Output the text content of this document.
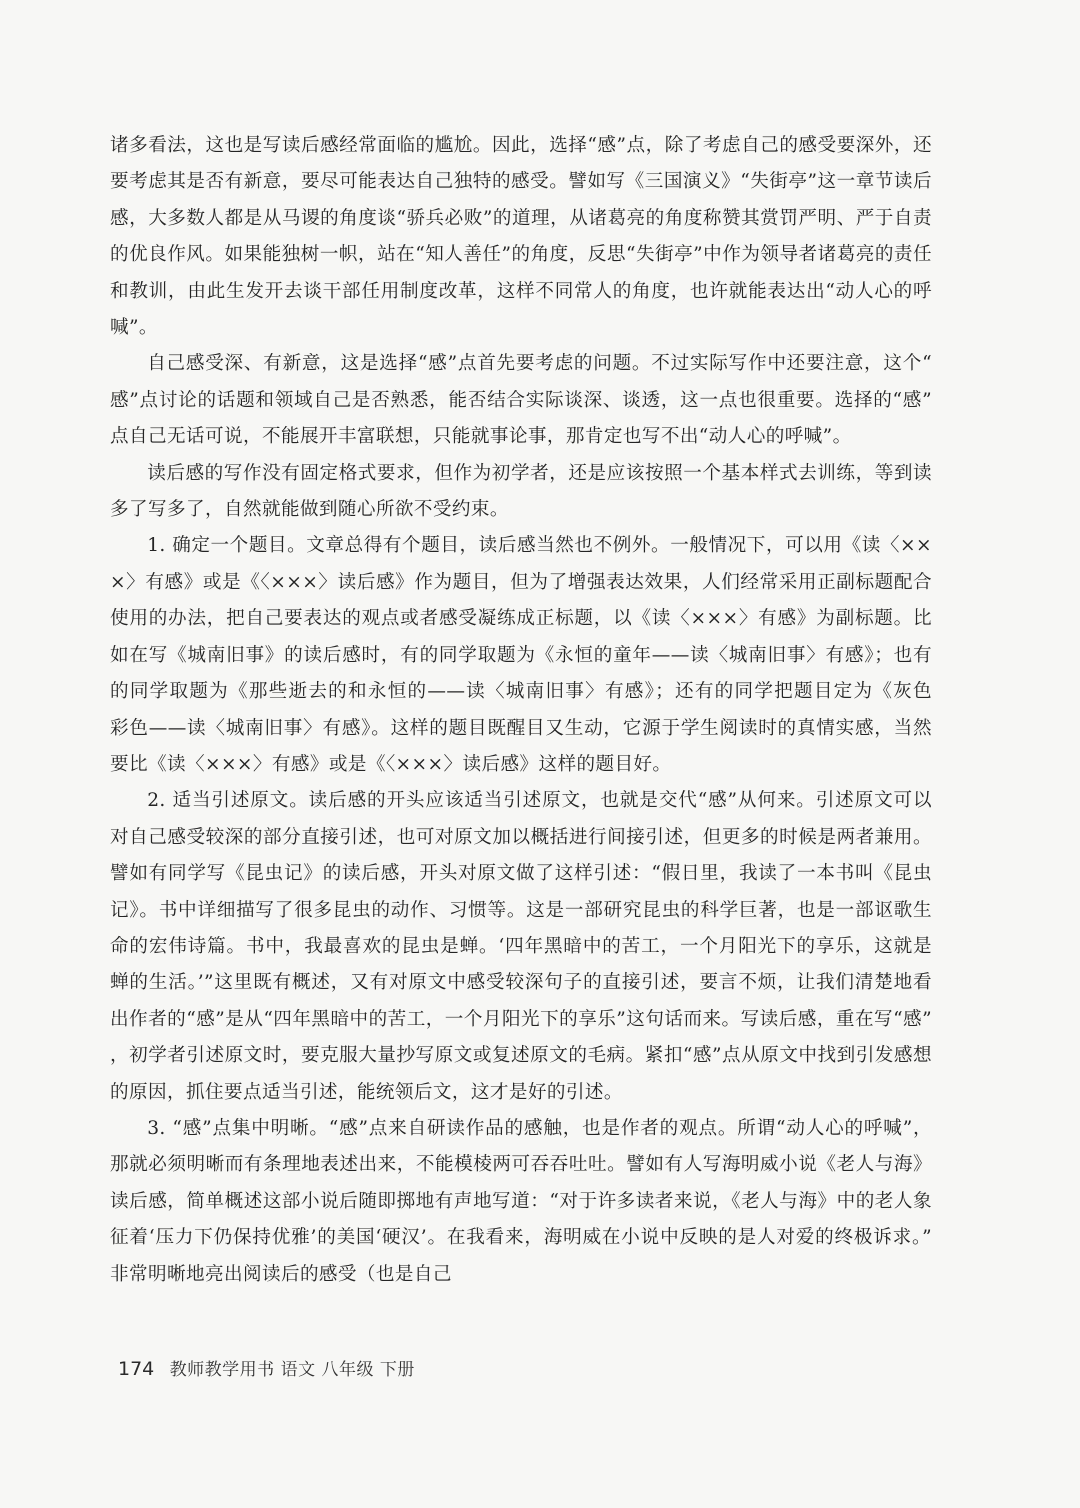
诸多看法，这也是写读后感经常面临的尴尬。因此，选择“感”点，除了考虑自己的感受要深外，还要考虑其是否有新意，要尽可能表达自己独特的感受。譬如写《三国演义》“失街亭”这一章节读后感，大多数人都是从马谡的角度谈“骄兵必败”的道理，从诸葛亮的角度称赞其赏罚严明、严于自责的优良作风。如果能独树一帜，站在“知人善任”的角度，反思“失街亭”中作为领导者诸葛亮的责任和教训，由此生发开去谈干部任用制度改革，这样不同常人的角度，也许就能表达出“动人心的呼喊”。

自己感受深、有新意，这是选择“感”点首先要考虑的问题。不过实际写作中还要注意，这个“感”点讨论的话题和领域自己是否熟悉，能否结合实际谈深、谈透，这一点也很重要。选择的“感”点自己无话可说，不能展开丰富联想，只能就事论事，那肯定也写不出“动人心的呼喊”。

读后感的写作没有固定格式要求，但作为初学者，还是应该按照一个基本样式去训练，等到读多了写多了，自然就能做到随心所欲不受约束。

1. 确定一个题目。文章总得有个题目，读后感当然也不例外。一般情况下，可以用《读〈×××〉有感》或是《〈×××〉读后感》作为题目，但为了增强表达效果，人们经常采用正副标题配合使用的办法，把自己要表达的观点或者感受凝练成正标题，以《读〈×××〉有感》为副标题。比如在写《城南旧事》的读后感时，有的同学取题为《永恒的童年——读〈城南旧事〉有感》；也有的同学取题为《那些逝去的和永恒的——读〈城南旧事〉有感》；还有的同学把题目定为《灰色　彩色——读〈城南旧事〉有感》。这样的题目既醒目又生动，它源于学生阅读时的真情实感，当然要比《读〈×××〉有感》或是《〈×××〉读后感》这样的题目好。

2. 适当引述原文。读后感的开头应该适当引述原文，也就是交代“感”从何来。引述原文可以对自己感受较深的部分直接引述，也可对原文加以概括进行间接引述，但更多的时候是两者兼用。譬如有同学写《昆虫记》的读后感，开头对原文做了这样引述：“假日里，我读了一本书叫《昆虫记》。书中详细描写了很多昆虫的动作、习惯等。这是一部研究昆虫的科学巨著，也是一部讴歌生命的宏伟诗篇。书中，我最喜欢的昆虫是蝉。‘四年黑暗中的苦工，一个月阳光下的享乐，这就是蝉的生活。’”这里既有概述，又有对原文中感受较深句子的直接引述，要言不烦，让我们清楚地看出作者的“感”是从“四年黑暗中的苦工，一个月阳光下的享乐”这句话而来。写读后感，重在写“感”，初学者引述原文时，要克服大量抄写原文或复述原文的毛病。紧扣“感”点从原文中找到引发感想的原因，抓住要点适当引述，能统领后文，这才是好的引述。

3. “感”点集中明晰。“感”点来自研读作品的感触，也是作者的观点。所谓“动人心的呼喊”，那就必须明晰而有条理地表述出来，不能模棱两可吞吞吐吐。譬如有人写海明威小说《老人与海》读后感，简单概述这部小说后随即掷地有声地写道：“对于许多读者来说，《老人与海》中的老人象征着‘压力下仍保持优雅’的美国‘硬汉’。在我看来，海明威在小说中反映的是人对爱的终极诉求。”非常明晰地亮出阅读后的感受（也是自己

174 教师教学用书 语文 八年级 下册
